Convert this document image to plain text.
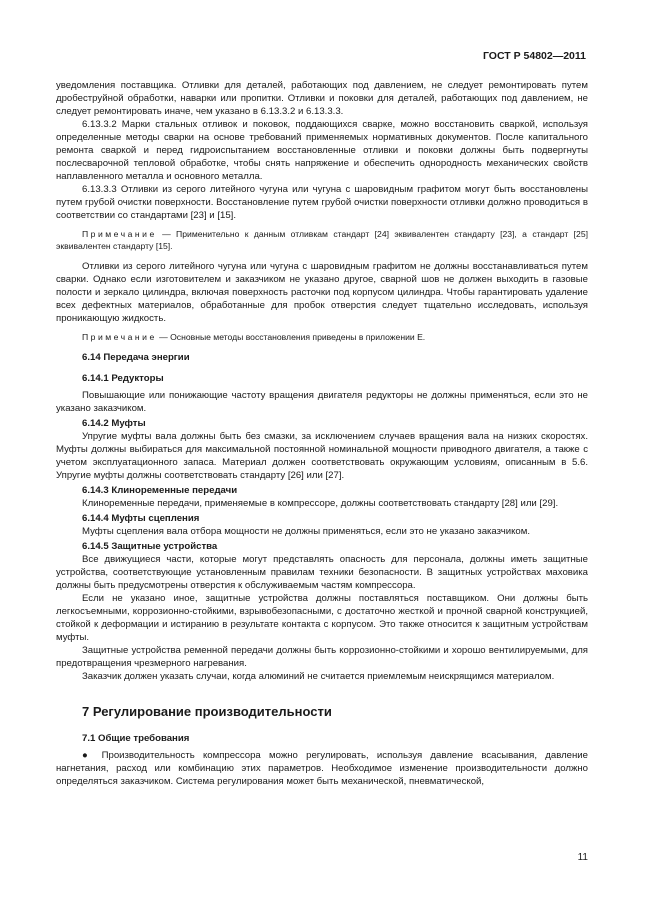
ГОСТ Р 54802—2011

уведомления поставщика. Отливки для деталей, работающих под давлением, не следует ремонтировать путем дробеструйной обработки, наварки или пропитки. Отливки и поковки для деталей, работающих под давлением, не следует ремонтировать иначе, чем указано в 6.13.3.2 и 6.13.3.3.

6.13.3.2 Марки стальных отливок и поковок, поддающихся сварке, можно восстановить сваркой, используя определенные методы сварки на основе требований применяемых нормативных документов. После капитального ремонта сваркой и перед гидроиспытанием восстановленные отливки и поковки должны быть подвергнуты послесварочной тепловой обработке, чтобы снять напряжение и обеспечить однородность механических свойств наплавленного металла и основного металла.

6.13.3.3 Отливки из серого литейного чугуна или чугуна с шаровидным графитом могут быть восстановлены путем грубой очистки поверхности. Восстановление путем грубой очистки поверхности отливки должно проводиться в соответствии со стандартами [23] и [15].

Примечание — Применительно к данным отливкам стандарт [24] эквивалентен стандарту [23], а стандарт [25] эквивалентен стандарту [15].

Отливки из серого литейного чугуна или чугуна с шаровидным графитом не должны восстанавливаться путем сварки. Однако если изготовителем и заказчиком не указано другое, сварной шов не должен выходить в газовые полости и зеркало цилиндра, включая поверхность расточки под корпусом цилиндра. Чтобы гарантировать удаление всех дефектных материалов, обработанные для пробок отверстия следует тщательно исследовать, используя проникающую жидкость.

Примечание — Основные методы восстановления приведены в приложении Е.

6.14 Передача энергии
6.14.1 Редукторы

Повышающие или понижающие частоту вращения двигателя редукторы не должны применяться, если это не указано заказчиком.

6.14.2 Муфты

Упругие муфты вала должны быть без смазки, за исключением случаев вращения вала на низких скоростях. Муфты должны выбираться для максимальной постоянной номинальной мощности приводного двигателя, а также с учетом эксплуатационного запаса. Материал должен соответствовать окружающим условиям, описанным в 5.6. Упругие муфты должны соответствовать стандарту [26] или [27].

6.14.3 Клиноременные передачи

Клиноременные передачи, применяемые в компрессоре, должны соответствовать стандарту [28] или [29].

6.14.4 Муфты сцепления

Муфты сцепления вала отбора мощности не должны применяться, если это не указано заказчиком.

6.14.5 Защитные устройства

Все движущиеся части, которые могут представлять опасность для персонала, должны иметь защитные устройства, соответствующие установленным правилам техники безопасности. В защитных устройствах маховика должны быть предусмотрены отверстия к обслуживаемым частям компрессора.

Если не указано иное, защитные устройства должны поставляться поставщиком. Они должны быть легкосъемными, коррозионно-стойкими, взрывобезопасными, с достаточно жесткой и прочной сварной конструкцией, стойкой к деформации и истиранию в результате контакта с корпусом. Это также относится к защитным устройствам муфты.

Защитные устройства ременной передачи должны быть коррозионно-стойкими и хорошо вентилируемыми, для предотвращения чрезмерного нагревания.

Заказчик должен указать случаи, когда алюминий не считается приемлемым неискрящимся материалом.

7 Регулирование производительности
7.1 Общие требования

● Производительность компрессора можно регулировать, используя давление всасывания, давление нагнетания, расход или комбинацию этих параметров. Необходимое изменение производительности должно определяться заказчиком. Система регулирования может быть механической, пневматической,

11
